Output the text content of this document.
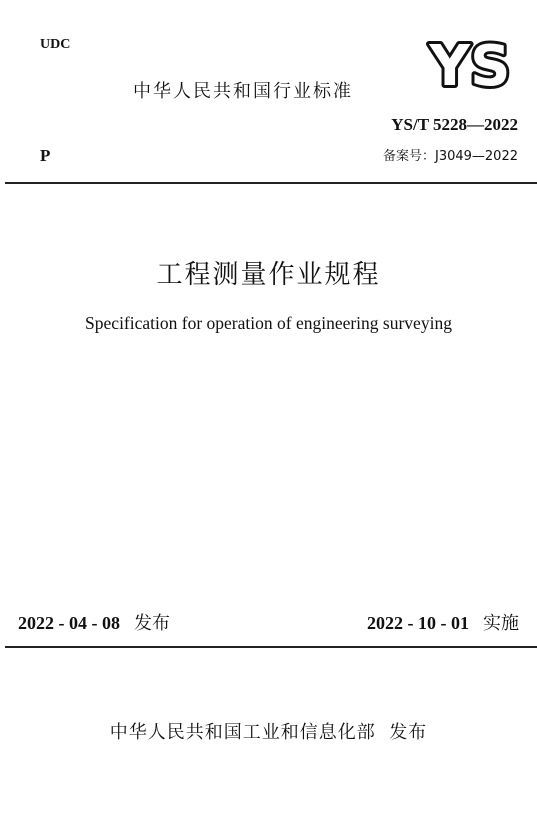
UDC
中华人民共和国行业标准 YS
YS/T 5228—2022
P	备案号：J3049—2022
工程测量作业规程
Specification for operation of engineering surveying
2022 - 04 - 08 发布	2022 - 10 - 01 实施
中华人民共和国工业和信息化部  发布
